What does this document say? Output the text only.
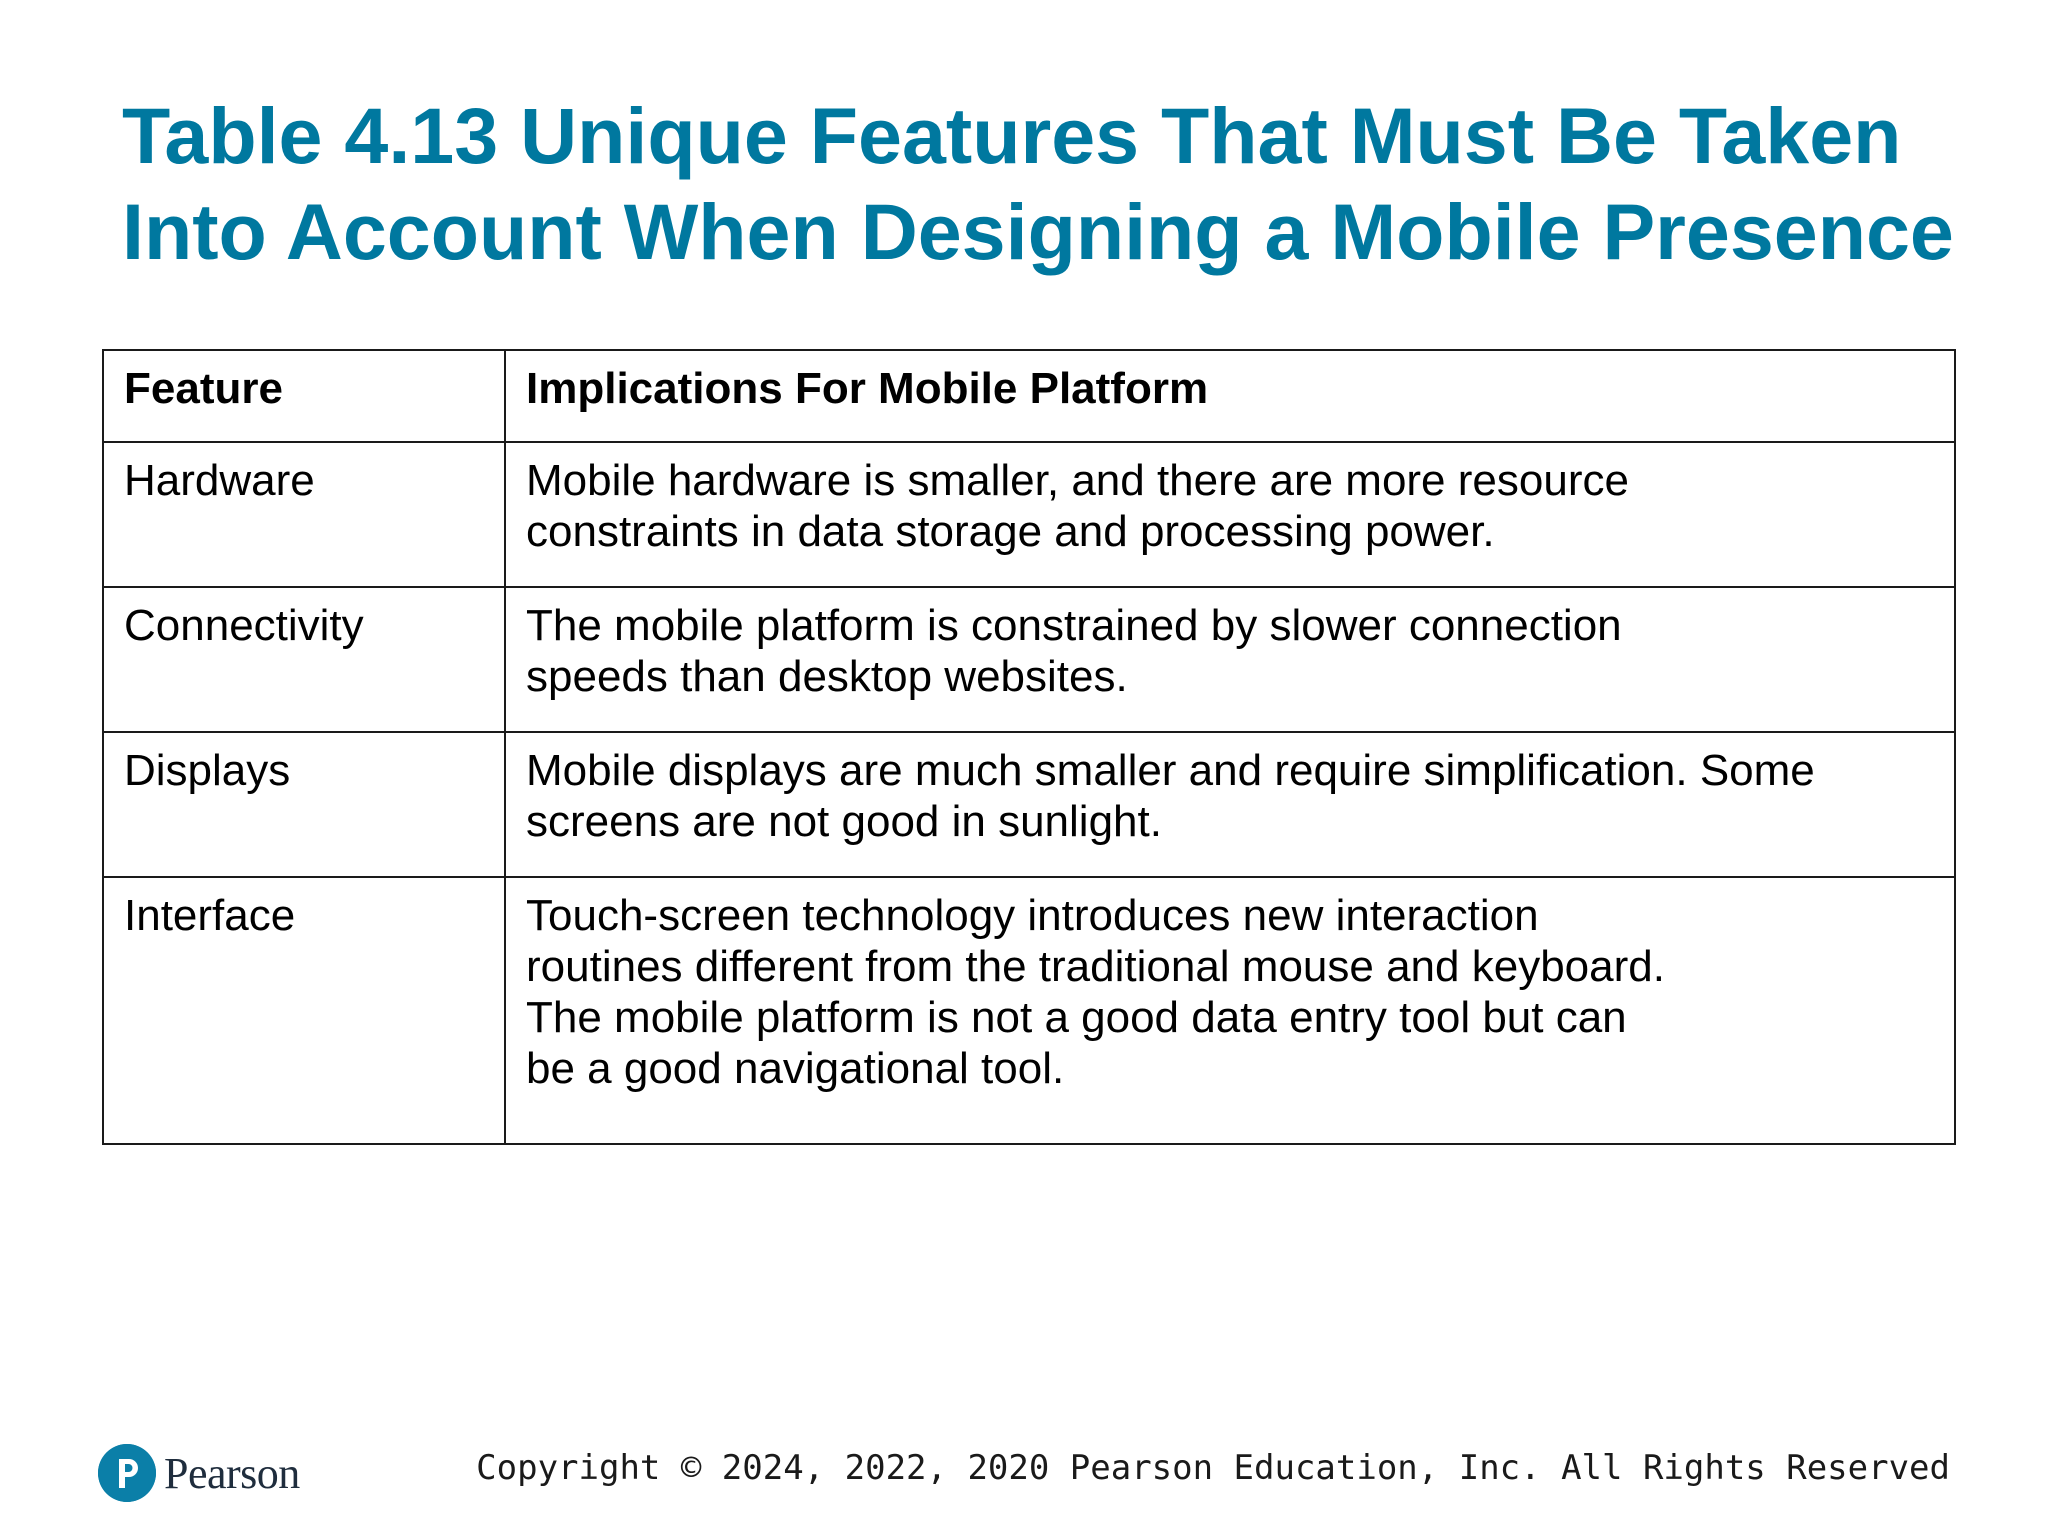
Table 4.13 Unique Features That Must Be Taken
Into Account When Designing a Mobile Presence
Feature	Implications For Mobile Platform
Hardware	Mobile hardware is smaller, and there are more resource
constraints in data storage and processing power.

Connectivity	The mobile platform is constrained by slower connection
speeds than desktop websites.

Displays	Mobile displays are much smaller and require simplification. Some
screens are not good in sunlight.

Interface	Touch-screen technology introduces new interaction
routines different from the traditional mouse and keyboard.
The mobile platform is not a good data entry tool but can
be a good navigational tool.
Pearson	Copyright © 2024, 2022, 2020 Pearson Education, Inc. All Rights Reserved
